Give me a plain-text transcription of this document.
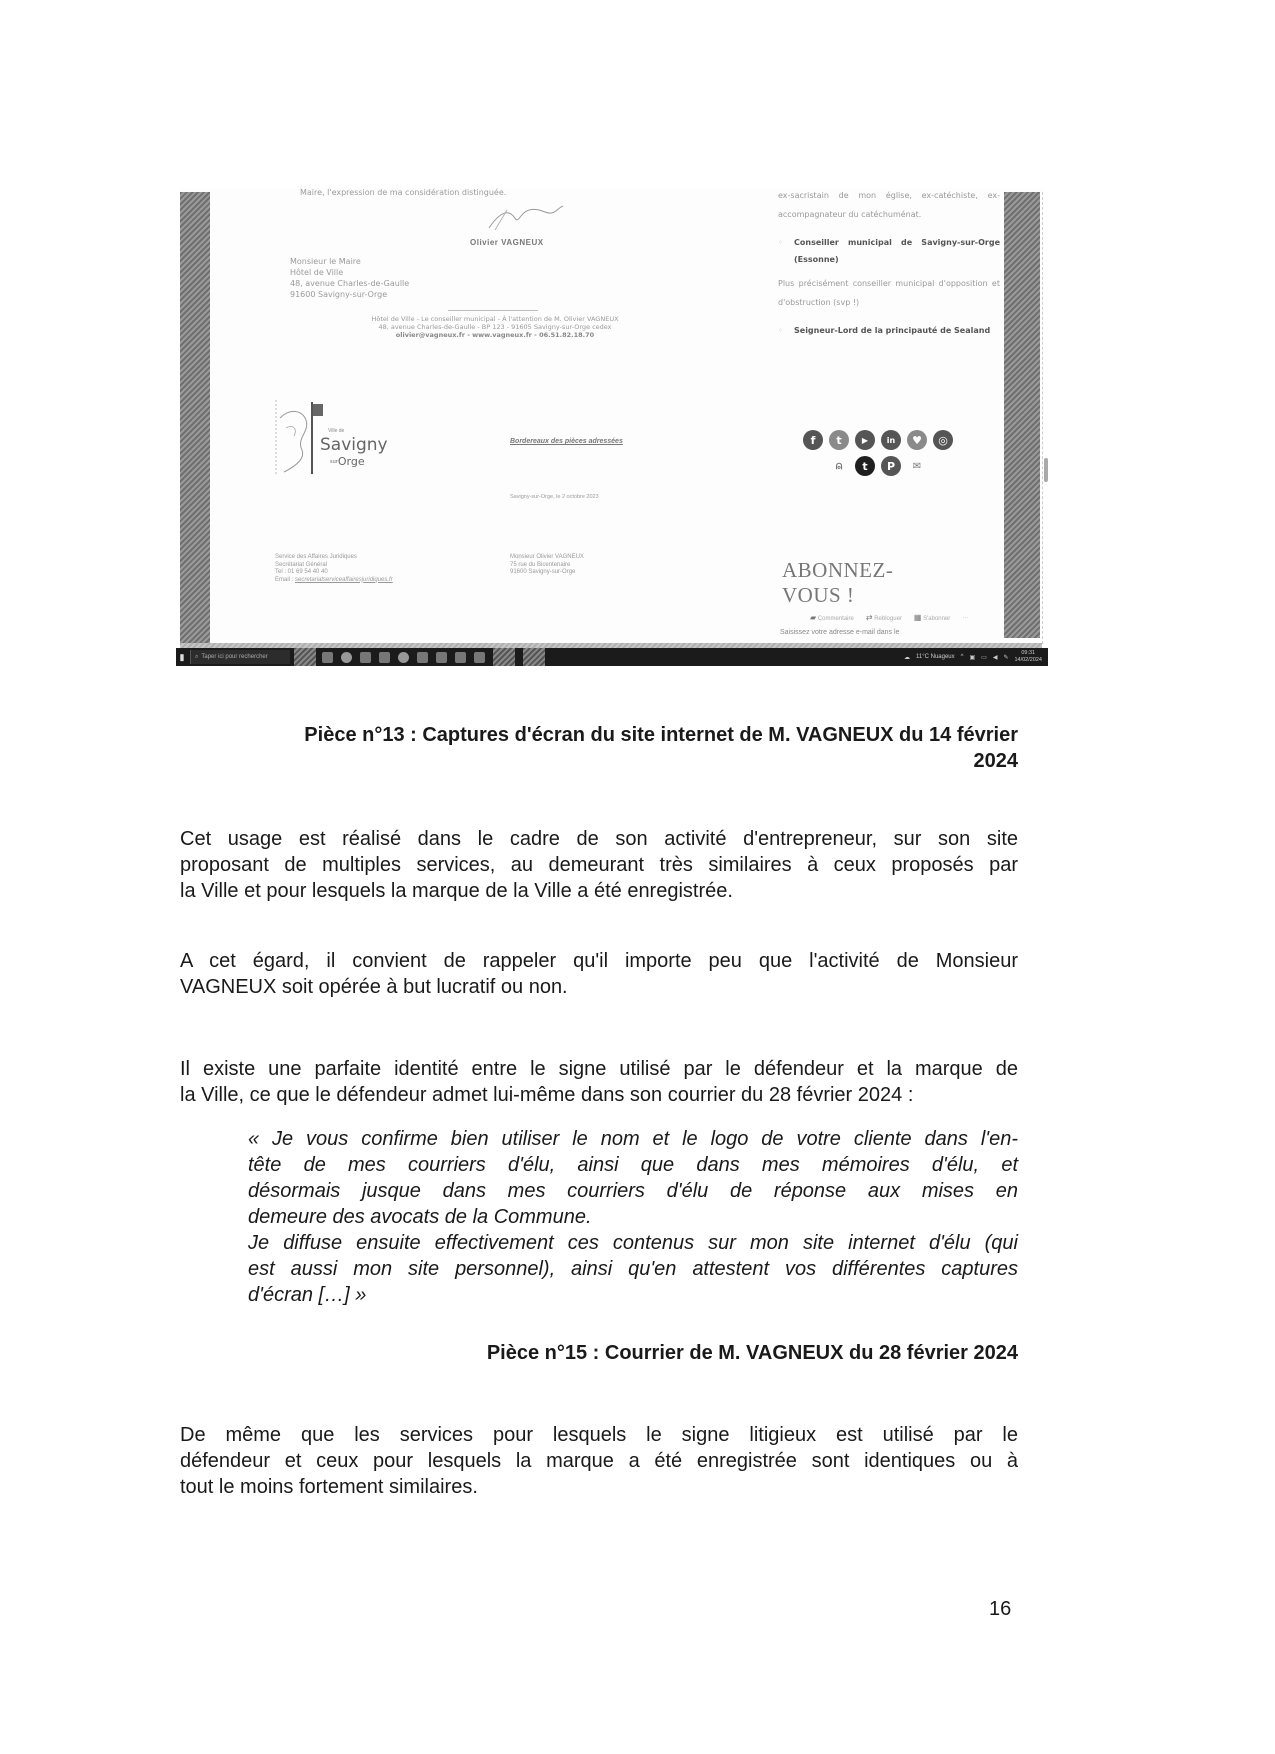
Maire, l'expression de ma considération distinguée.
Olivier VAGNEUX
Monsieur le Maire
Hôtel de Ville
48, avenue Charles-de-Gaulle
91600 Savigny-sur-Orge
Hôtel de Ville - Le conseiller municipal - À l'attention de M. Olivier VAGNEUX
48, avenue Charles-de-Gaulle - BP 123 - 91605 Savigny-sur-Orge cedex
olivier@vagneux.fr - www.vagneux.fr - 06.51.82.18.70
Ville de
Savigny
surOrge
Bordereaux des pièces adressées
Savigny-sur-Orge, le 2 octobre 2023
Service des Affaires Juridiques
Secrétariat Général
Tel : 01 69 54 40 40
Email : secretariatserviceaffairesjuridiques.fr
Monsieur Olivier VAGNEUX
75 rue du Bicentenaire
91600 Savigny-sur-Orge
ex-sacristain de mon église, ex-catéchiste, ex-accompagnateur du catéchuménat.
◦ Conseiller municipal de Savigny-sur-Orge (Essonne)
Plus précisément conseiller municipal d'opposition et d'obstruction (svp !)
◦ Seigneur-Lord de la principauté de Sealand
f	t	▶	in	♥	◎
⍝	t	P	✉
ABONNEZ-
VOUS !
▰ Commentaire ⇄ Rebloguer ▦ S'abonner ···
Saisissez votre adresse e-mail dans le
▮	⌕ Taper ici pour rechercher	☁ 11°C Nuageux ^ ▣ ▭ ◀ ✎
09:31
14/02/2024
Pièce n°13 : Captures d'écran du site internet de M. VAGNEUX du 14 février
2024
Cet usage est réalisé dans le cadre de son activité d'entrepreneur, sur son site
proposant de multiples services, au demeurant très similaires à ceux proposés par
la Ville et pour lesquels la marque de la Ville a été enregistrée.
A cet égard, il convient de rappeler qu'il importe peu que l'activité de Monsieur
VAGNEUX soit opérée à but lucratif ou non.
Il existe une parfaite identité entre le signe utilisé par le défendeur et la marque de
la Ville, ce que le défendeur admet lui-même dans son courrier du 28 février 2024 :
« Je vous confirme bien utiliser le nom et le logo de votre cliente dans l'en-
tête de mes courriers d'élu, ainsi que dans mes mémoires d'élu, et
désormais jusque dans mes courriers d'élu de réponse aux mises en
demeure des avocats de la Commune.
Je diffuse ensuite effectivement ces contenus sur mon site internet d'élu (qui
est aussi mon site personnel), ainsi qu'en attestent vos différentes captures
d'écran […] »
Pièce n°15 : Courrier de M. VAGNEUX du 28 février 2024
De même que les services pour lesquels le signe litigieux est utilisé par le
défendeur et ceux pour lesquels la marque a été enregistrée sont identiques ou à
tout le moins fortement similaires.
16
